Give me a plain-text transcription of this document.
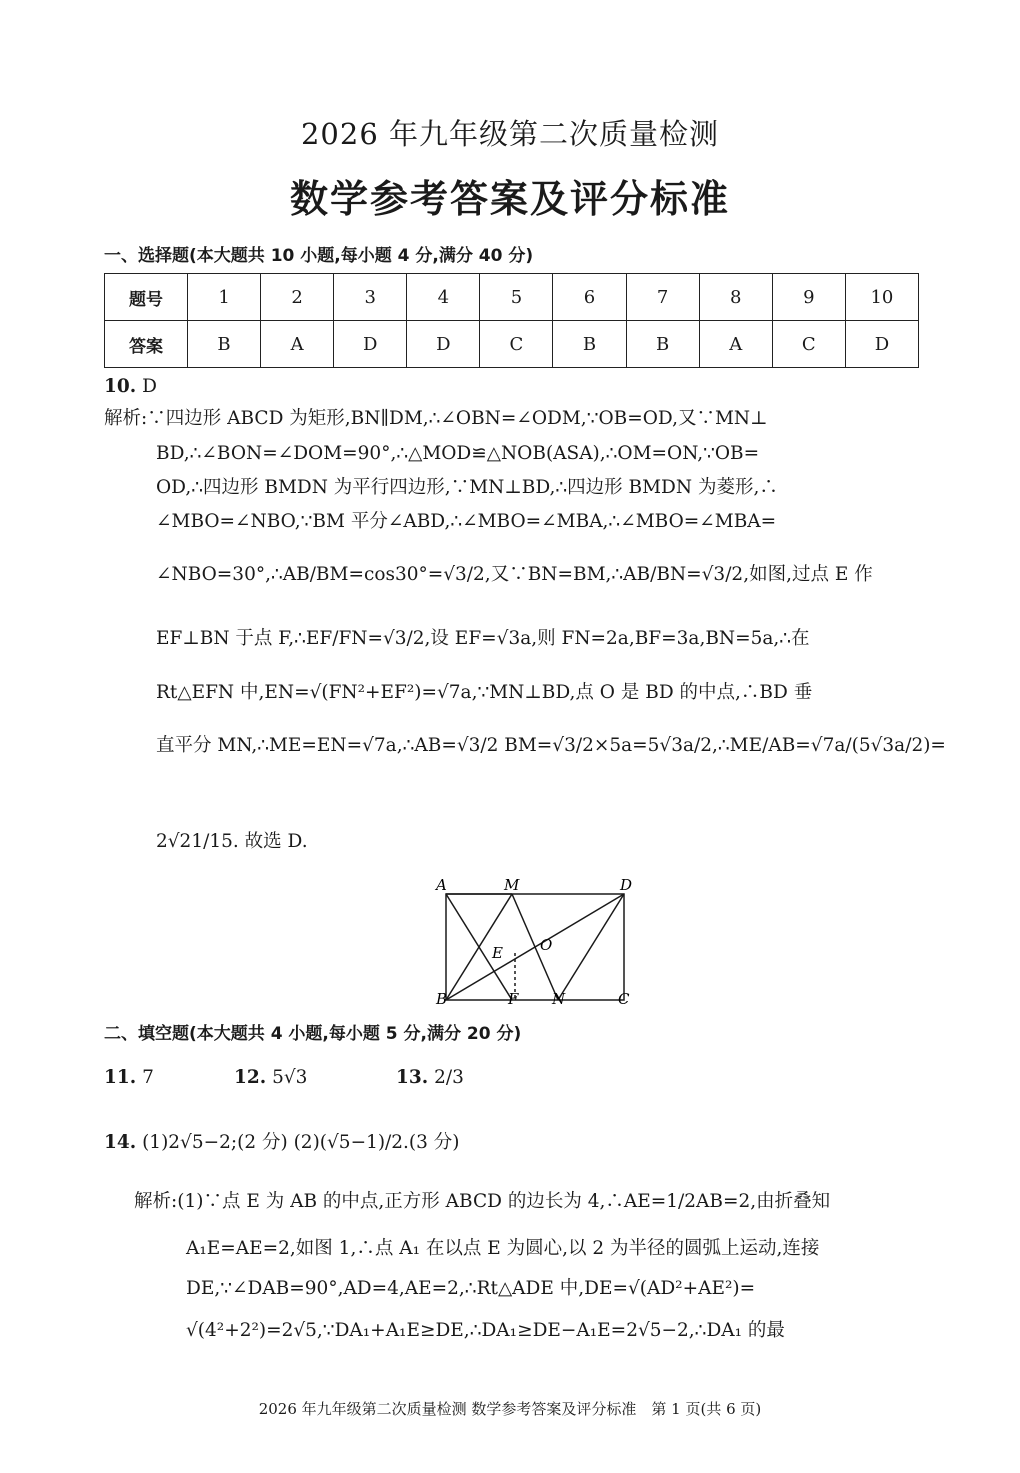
2026 年九年级第二次质量检测
数学参考答案及评分标准
一、选择题(本大题共 10 小题,每小题 4 分,满分 40 分)
题号	1	2	3	4	5	6	7	8	9	10
答案	B	A	D	D	C	B	B	A	C	D
10. D
解析:∵四边形 ABCD 为矩形,BN∥DM,∴∠OBN=∠ODM,∵OB=OD,又∵MN⊥
BD,∴∠BON=∠DOM=90°,∴△MOD≌△NOB(ASA),∴OM=ON,∵OB=
OD,∴四边形 BMDN 为平行四边形,∵MN⊥BD,∴四边形 BMDN 为菱形,∴
∠MBO=∠NBO,∵BM 平分∠ABD,∴∠MBO=∠MBA,∴∠MBO=∠MBA=
∠NBO=30°,∴AB/BM=cos30°=√3/2,又∵BN=BM,∴AB/BN=√3/2,如图,过点 E 作
EF⊥BN 于点 F,∴EF/FN=√3/2,设 EF=√3a,则 FN=2a,BF=3a,BN=5a,∴在
Rt△EFN 中,EN=√(FN²+EF²)=√7a,∵MN⊥BD,点 O 是 BD 的中点,∴BD 垂
直平分 MN,∴ME=EN=√7a,∴AB=√3/2 BM=√3/2×5a=5√3a/2,∴ME/AB=√7a/(5√3a/2)=
2√21/15. 故选 D.
A	M	D
B	F N	C
E O
二、填空题(本大题共 4 小题,每小题 5 分,满分 20 分)
11. 7	12. 5√3	13. 2/3
14. (1)2√5−2;(2 分) (2)(√5−1)/2.(3 分)
解析:(1)∵点 E 为 AB 的中点,正方形 ABCD 的边长为 4,∴AE=1/2AB=2,由折叠知
A₁E=AE=2,如图 1,∴点 A₁ 在以点 E 为圆心,以 2 为半径的圆弧上运动,连接
DE,∵∠DAB=90°,AD=4,AE=2,∴Rt△ADE 中,DE=√(AD²+AE²)=
√(4²+2²)=2√5,∵DA₁+A₁E≥DE,∴DA₁≥DE−A₁E=2√5−2,∴DA₁ 的最
2026 年九年级第二次质量检测 数学参考答案及评分标准　第 1 页(共 6 页)
